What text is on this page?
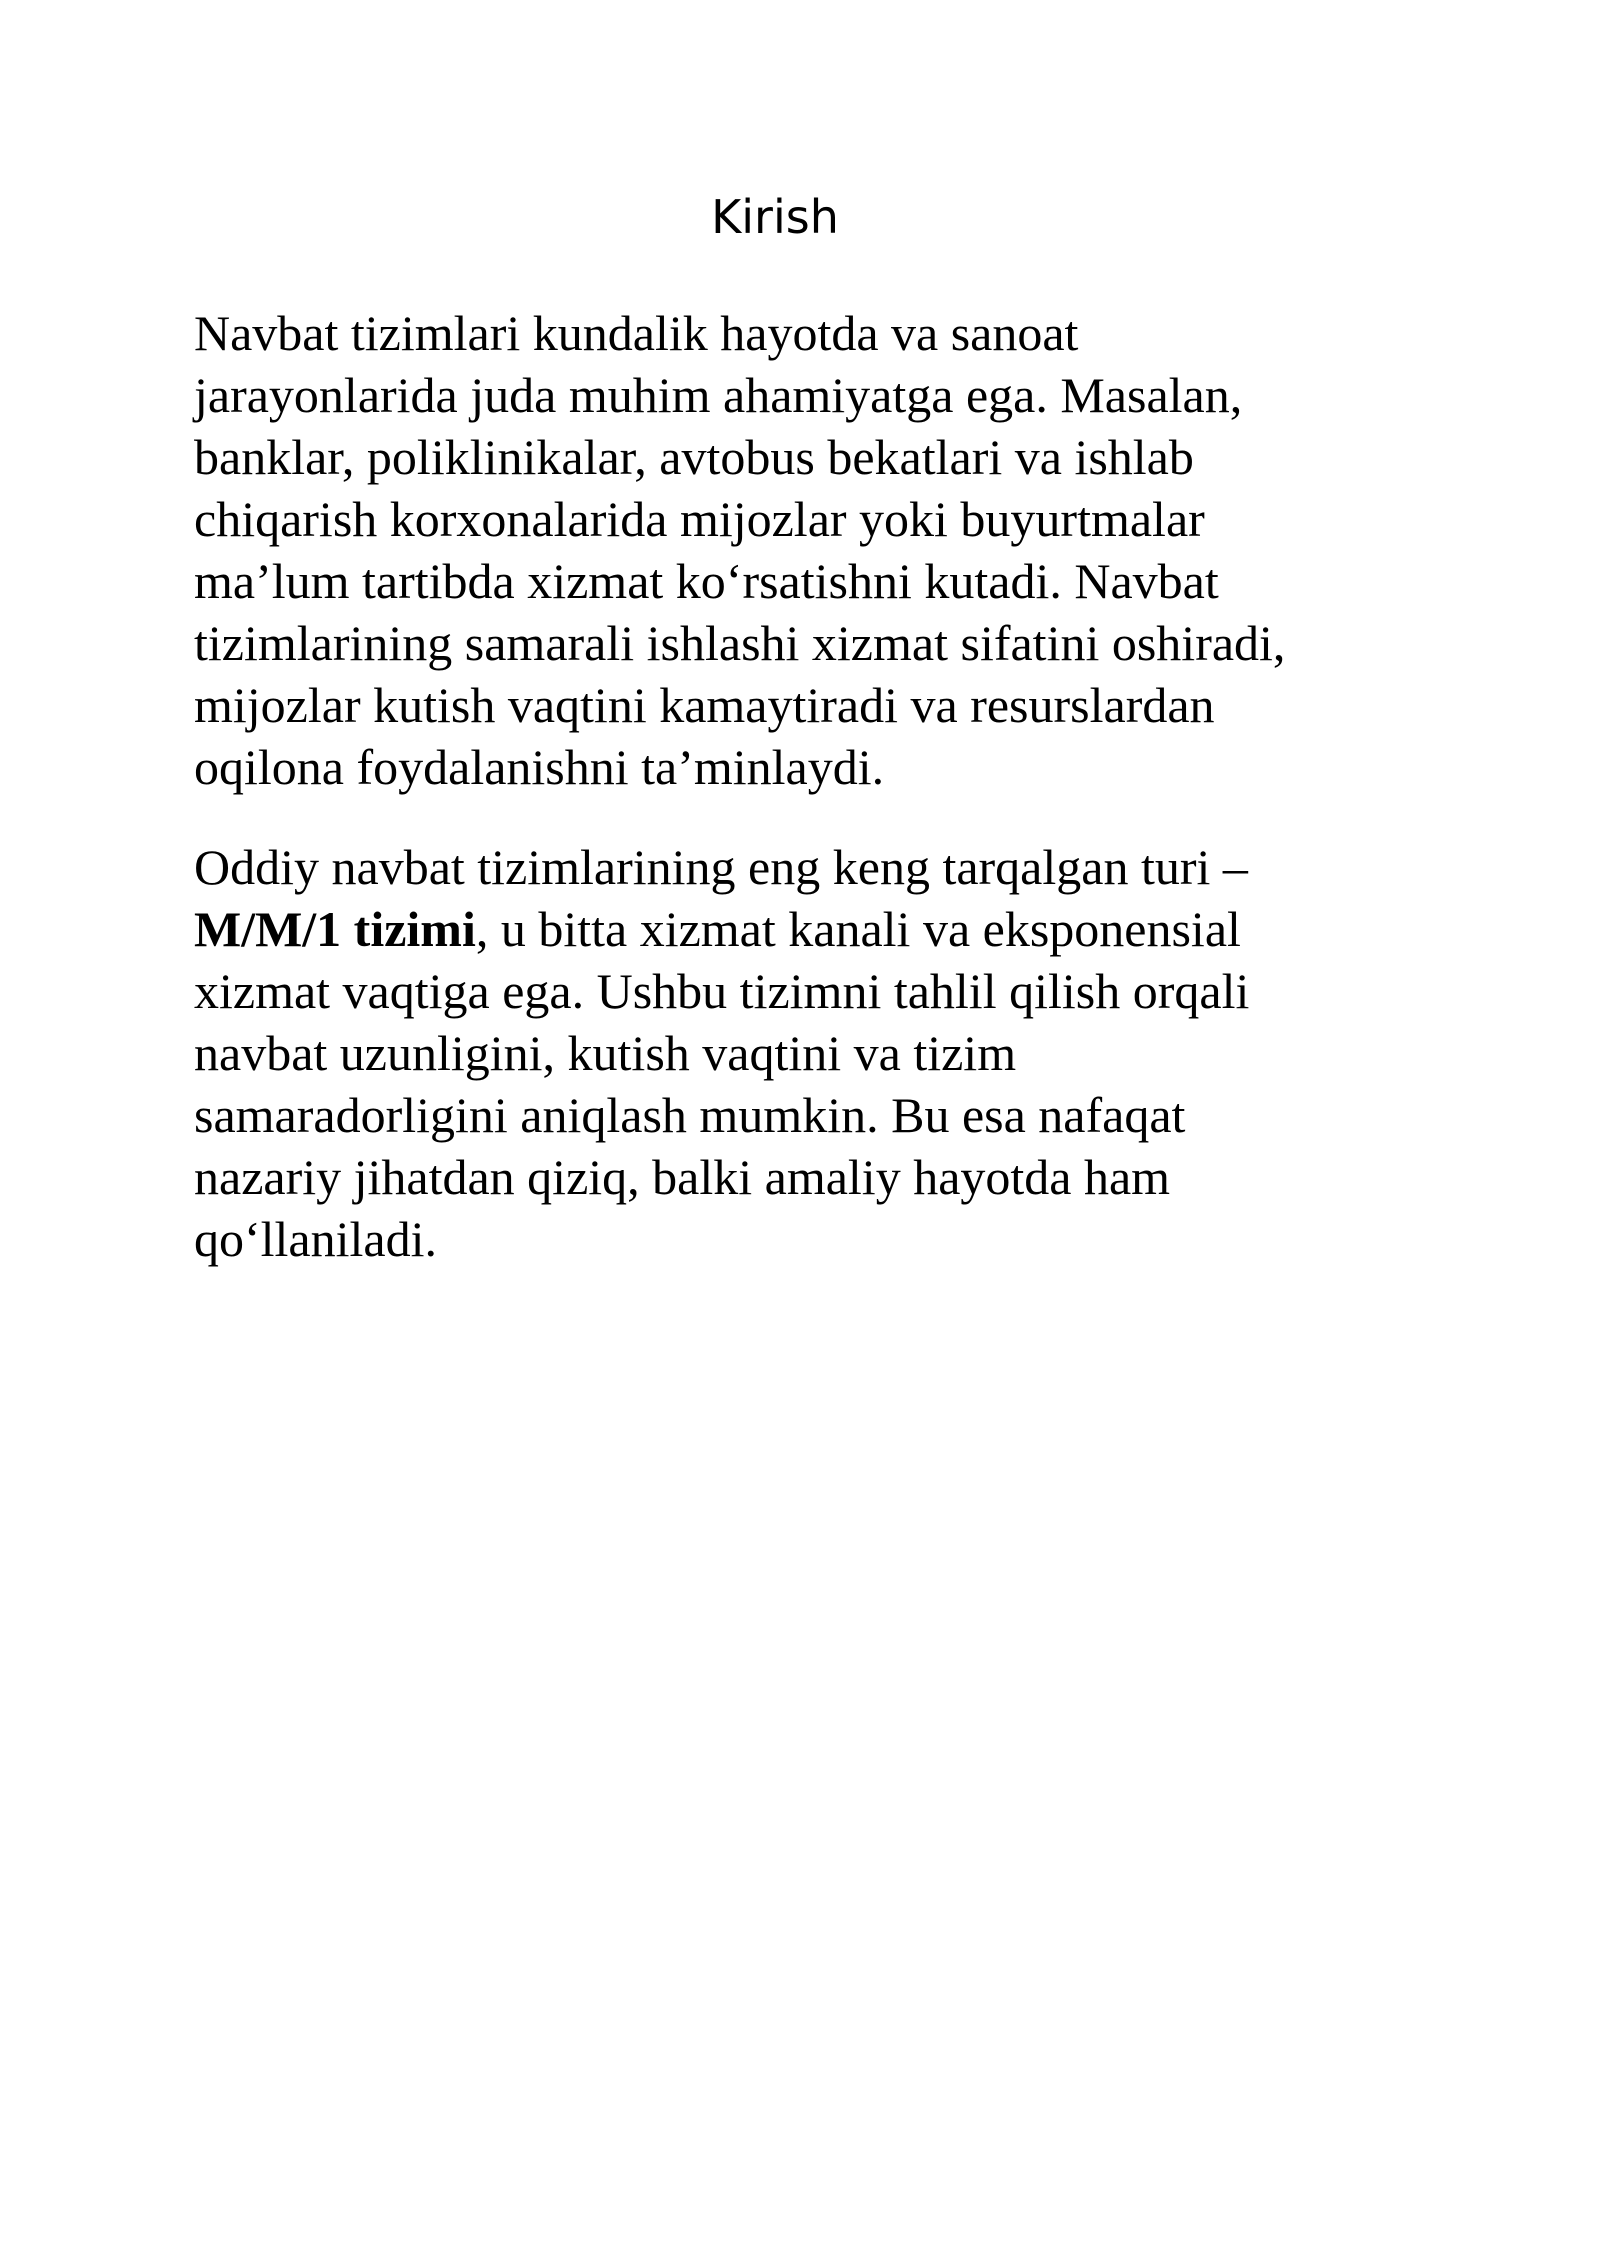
Kirish

Navbat tizimlari kundalik hayotda va sanoat
jarayonlarida juda muhim ahamiyatga ega. Masalan,
banklar, poliklinikalar, avtobus bekatlari va ishlab
chiqarish korxonalarida mijozlar yoki buyurtmalar
ma’lum tartibda xizmat ko‘rsatishni kutadi. Navbat
tizimlarining samarali ishlashi xizmat sifatini oshiradi,
mijozlar kutish vaqtini kamaytiradi va resurslardan
oqilona foydalanishni ta’minlaydi.

Oddiy navbat tizimlarining eng keng tarqalgan turi –
M/M/1 tizimi, u bitta xizmat kanali va eksponensial
xizmat vaqtiga ega. Ushbu tizimni tahlil qilish orqali
navbat uzunligini, kutish vaqtini va tizim
samaradorligini aniqlash mumkin. Bu esa nafaqat
nazariy jihatdan qiziq, balki amaliy hayotda ham
qo‘llaniladi.
